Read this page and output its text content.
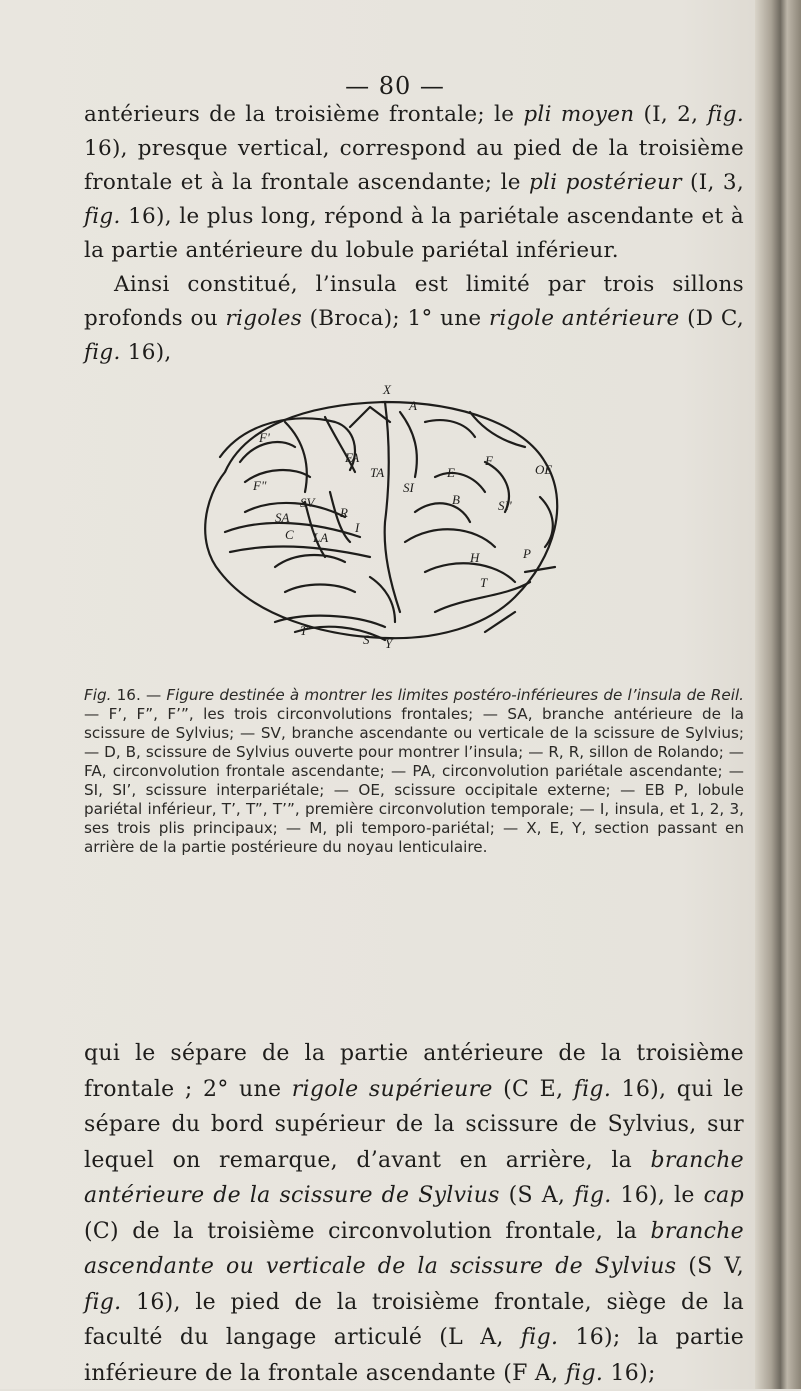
— 80 —

antérieurs de la troisième frontale; le pli moyen (I, 2, fig. 16), presque vertical, correspond au pied de la troisième frontale et à la frontale ascendante; le pli postérieur (I, 3, fig. 16), le plus long, répond à la pariétale ascendante et à la partie antérieure du lobule pariétal inférieur.

Ainsi constitué, l’insula est limité par trois sillons profonds ou rigoles (Broca); 1° une rigole antérieure (D C, fig. 16),

X
Y
E
F
F'
F"
FA
TA
SA
SV
C LA
A
I
SI
SI'
OE
B
P
H
T
T'
R
S

Fig. 16. — Figure destinée à montrer les limites postéro-inférieures de l’insula de Reil. — F’, F”, F’”, les trois circonvolutions frontales; — SA, branche antérieure de la scissure de Sylvius; — SV, branche ascendante ou verticale de la scissure de Sylvius; — D, B, scissure de Sylvius ouverte pour montrer l’insula; — R, R, sillon de Rolando; — FA, circonvolution frontale ascendante; — PA, circonvolution pariétale ascendante; — SI, SI’, scissure interpariétale; — OE, scissure occipitale externe; — EB P, lobule pariétal inférieur, T’, T”, T’”, première circonvolution temporale; — I, insula, et 1, 2, 3, ses trois plis principaux; — M, pli temporo-pariétal; — X, E, Y, section passant en arrière de la partie postérieure du noyau lenticulaire.

qui le sépare de la partie antérieure de la troisième frontale ; 2° une rigole supérieure (C E, fig. 16), qui le sépare du bord supérieur de la scissure de Sylvius, sur lequel on remarque, d’avant en arrière, la branche antérieure de la scissure de Sylvius (S A, fig. 16), le cap (C) de la troisième circonvolution frontale, la branche ascendante ou verticale de la scissure de Sylvius (S V, fig. 16), le pied de la troisième frontale, siège de la faculté du langage articulé (L A, fig. 16); la partie inférieure de la frontale ascendante (F A, fig. 16);
